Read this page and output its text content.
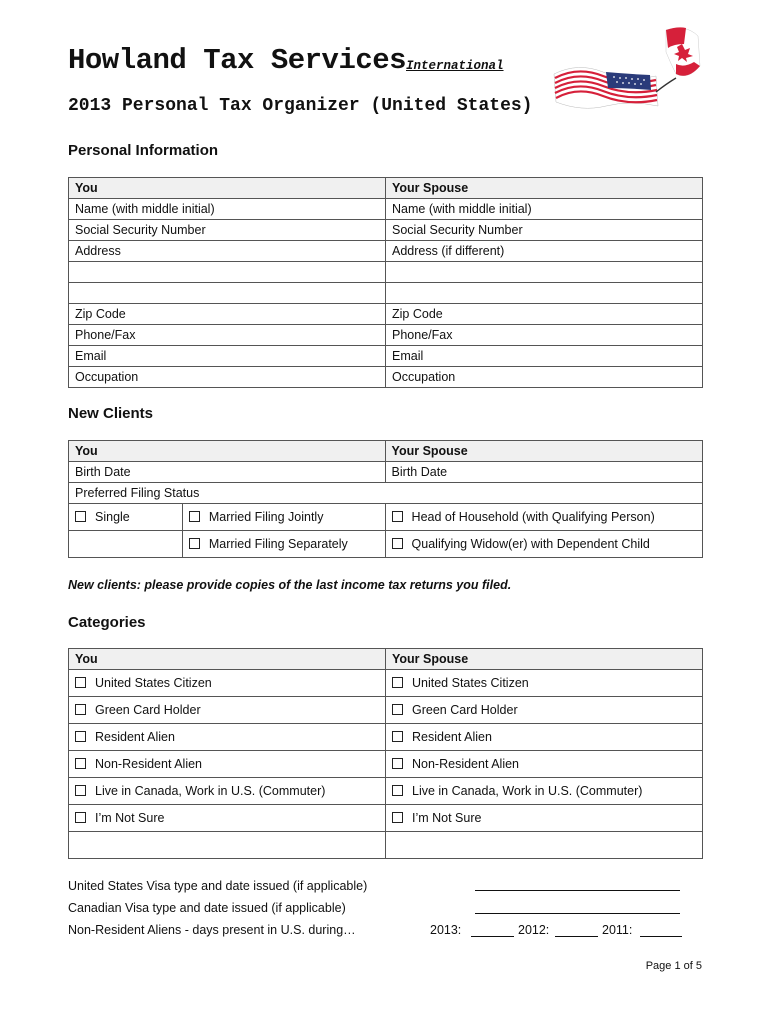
Howland Tax Services International
2013 Personal Tax Organizer (United States)
Personal Information
You	Your Spouse
Name (with middle initial)	Name (with middle initial)
Social Security Number	Social Security Number
Address	Address (if different)

Zip Code	Zip Code
Phone/Fax	Phone/Fax
Email	Email
Occupation	Occupation
New Clients
You		Your Spouse
Birth Date		Birth Date
Preferred Filing Status		
Single	Married Filing Jointly	Head of Household (with Qualifying Person)
	Married Filing Separately	Qualifying Widow(er) with Dependent Child
New clients: please provide copies of the last income tax returns you filed.
Categories
You	Your Spouse
United States Citizen	United States Citizen
Green Card Holder	Green Card Holder
Resident Alien	Resident Alien
Non-Resident Alien	Non-Resident Alien
Live in Canada, Work in U.S. (Commuter)	Live in Canada, Work in U.S. (Commuter)
I’m Not Sure	I’m Not Sure

United States Visa type and date issued (if applicable)
Canadian Visa type and date issued (if applicable)
Non-Resident Aliens - days present in U.S. during…	2013:	2012:	2011:
Page 1 of 5
